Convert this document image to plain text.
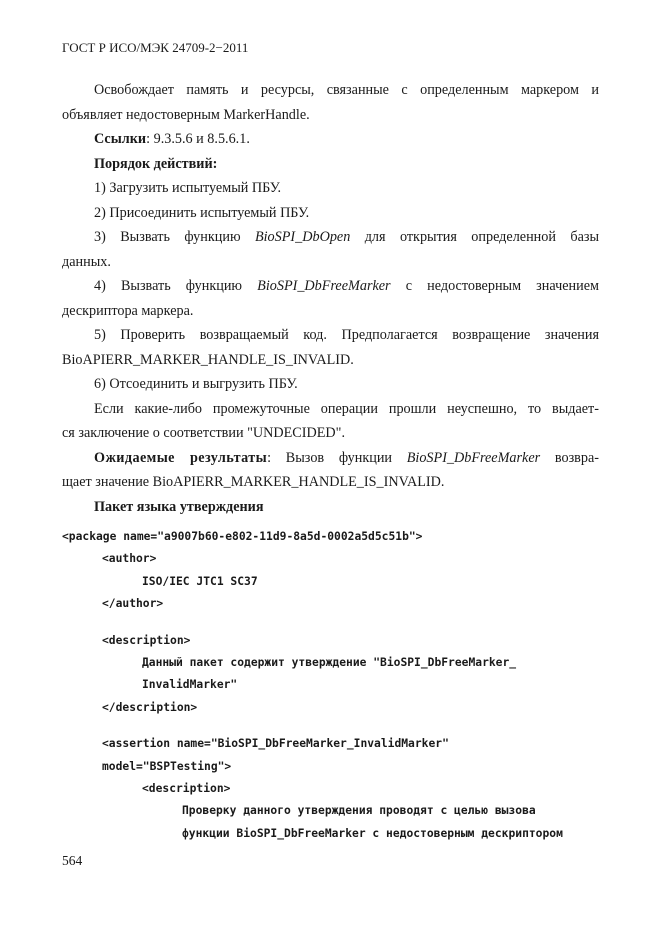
ГОСТ Р ИСО/МЭК 24709-2−2011

Освобождает память и ресурсы, связанные с определенным маркером и

объявляет недостоверным MarkerHandle.

Ссылки: 9.3.5.6 и 8.5.6.1.

Порядок действий:

1) Загрузить испытуемый ПБУ.

2) Присоединить испытуемый ПБУ.

3) Вызвать функцию BioSPI_DbOpen для открытия определенной базы

данных.

4) Вызвать функцию BioSPI_DbFreeMarker с недостоверным значением

дескриптора маркера.

5) Проверить возвращаемый код. Предполагается возвращение значения

BioAPIERR_MARKER_HANDLE_IS_INVALID.

6) Отсоединить и выгрузить ПБУ.

Если какие-либо промежуточные операции прошли неуспешно, то выдает-

ся заключение о соответствии "UNDECIDED".

Ожидаемые результаты: Вызов функции BioSPI_DbFreeMarker возвра-

щает значение BioAPIERR_MARKER_HANDLE_IS_INVALID.

Пакет языка утверждения

<package name="a9007b60-e802-11d9-8a5d-0002a5d5c51b">
<author>
ISO/IEC JTC1 SC37
</author>
<description>
Данный пакет содержит утверждение "BioSPI_DbFreeMarker_
InvalidMarker"
</description>
<assertion name="BioSPI_DbFreeMarker_InvalidMarker"
model="BSPTesting">
<description>
Проверку данного утверждения проводят с целью вызова
функции BioSPI_DbFreeMarker с недостоверным дескриптором
564
